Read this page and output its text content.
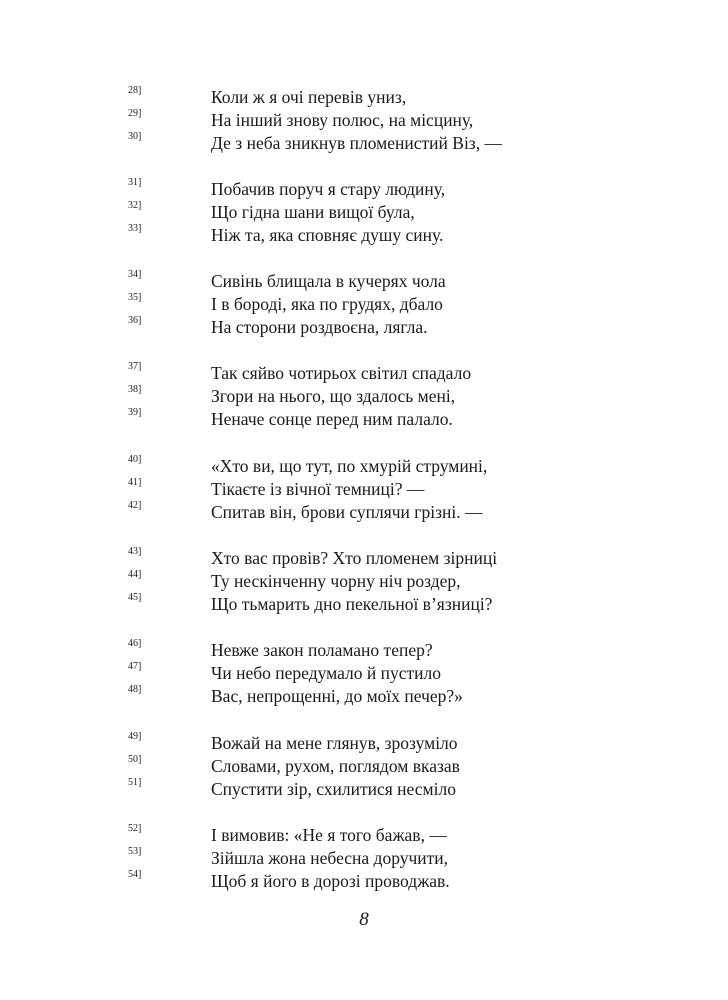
28]	Коли ж я очі перевів униз,
29]	На інший знову полюс, на місцину,
30]	Де з неба зникнув пломенистий Віз, —
31]	Побачив поруч я стару людину,
32]	Що гідна шани вищої була,
33]	Ніж та, яка сповняє душу сину.
34]	Сивінь блищала в кучерях чола
35]	І в бороді, яка по грудях, дбало
36]	На сторони роздвоєна, лягла.
37]	Так сяйво чотирьох світил спадало
38]	Згори на нього, що здалось мені,
39]	Неначе сонце перед ним палало.
40]	«Хто ви, що тут, по хмурій струмині,
41]	Тікаєте із вічної темниці? —
42]	Спитав він, брови суплячи грізні. —
43]	Хто вас провів? Хто пломенем зірниці
44]	Ту нескінченну чорну ніч роздер,
45]	Що тьмарить дно пекельної в’язниці?
46]	Невже закон поламано тепер?
47]	Чи небо передумало й пустило
48]	Вас, непрощенні, до моїх печер?»
49]	Вожай на мене глянув, зрозуміло
50]	Словами, рухом, поглядом вказав
51]	Спустити зір, схилитися несміло
52]	І вимовив: «Не я того бажав, —
53]	Зійшла жона небесна доручити,
54]	Щоб я його в дорозі проводжав.
8
